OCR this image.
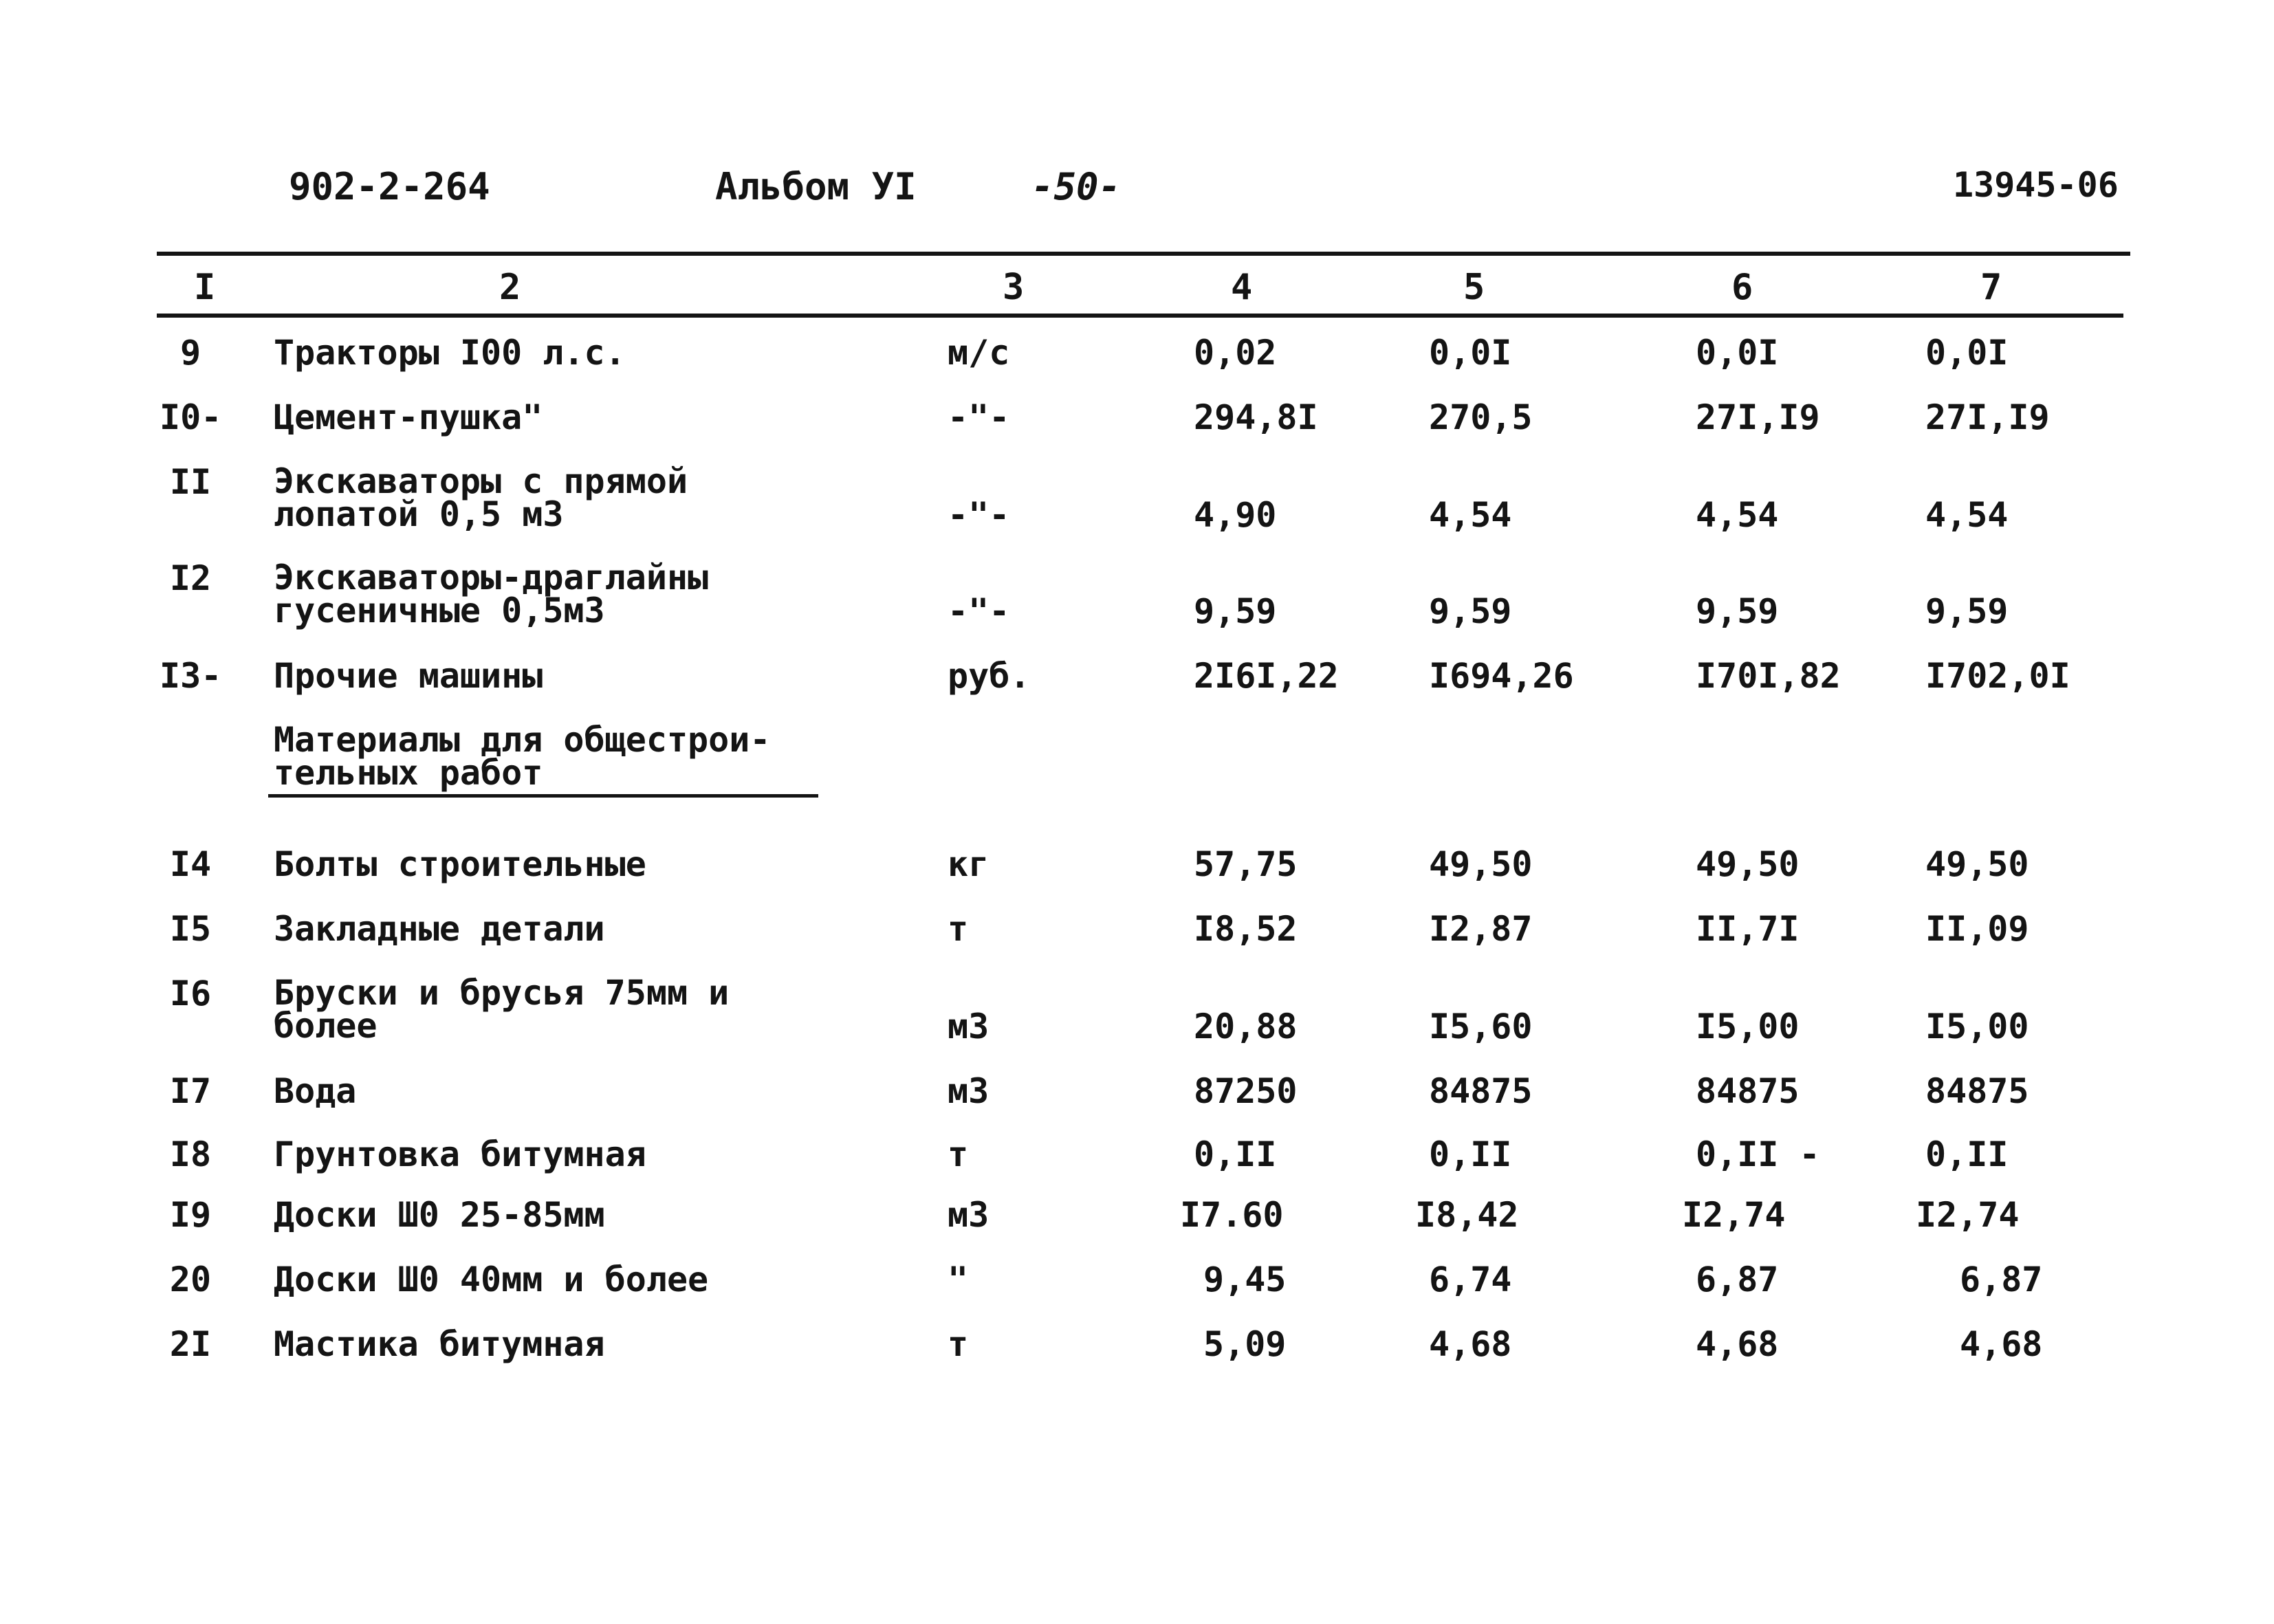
902-2-264	Альбом УI	-50-	13945-06
I	2	3	4	5	6	7
9	Тракторы I00 л.с.	м/с	0,02	0,0I	0,0I	0,0I
I0- Цемент-пушка"	-"-	294,8I	270,5	27I,I9	27I,I9
II Экскаваторы с прямой
лопатой 0,5 м3	-"-	4,90	4,54	4,54	4,54
I2 Экскаваторы-драглайны
гусеничные 0,5м3	-"-	9,59	9,59	9,59	9,59
I3- Прочие машины	руб.	2I6I,22	I694,26	I70I,82 I702,0I
Материалы для общестрои-
тельных работ
I4 Болты строительные	кг	57,75	49,50	49,50	49,50
I5 Закладные детали	т	I8,52	I2,87	II,7I	II,09
I6 Бруски и брусья 75мм и
более	м3	20,88	I5,60	I5,00	I5,00
I7 Вода	м3	87250	84875	84875	84875
I8 Грунтовка битумная	т	0,II	0,II	0,II -	0,II
I9 Доски Ш0 25-85мм	м3	I7.60	I8,42	I2,74	I2,74
20 Доски Ш0 40мм и более	"	9,45	6,74	6,87	6,87
2I Мастика битумная	т	5,09	4,68	4,68	4,68
